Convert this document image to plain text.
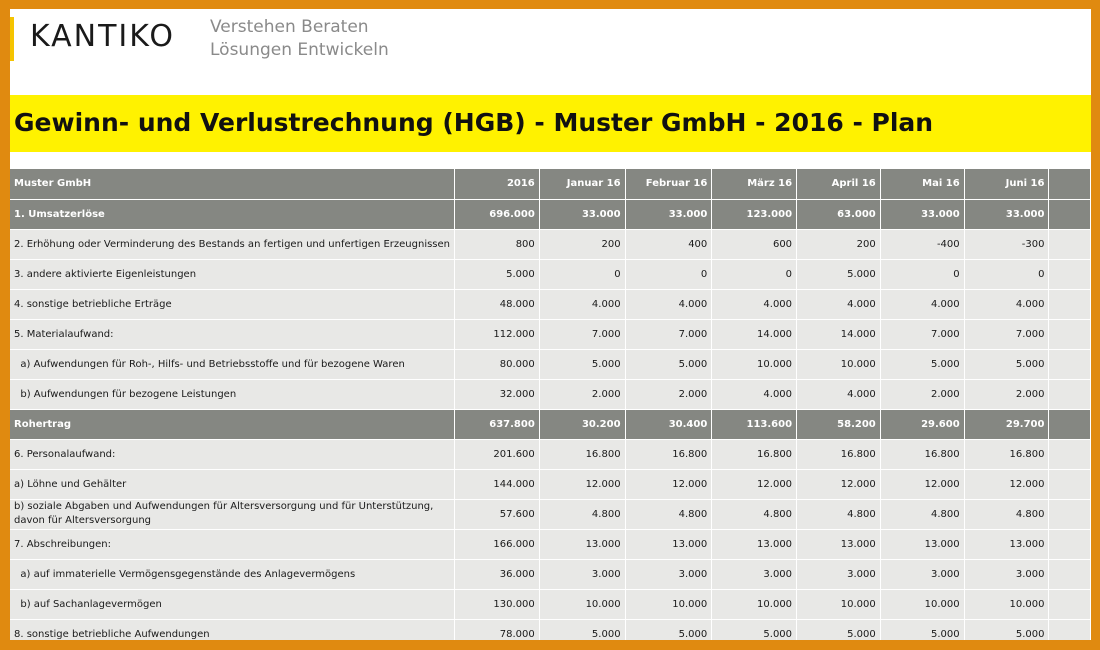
KANTIKO Verstehen Beraten
Lösungen Entwickeln
Gewinn- und Verlustrechnung (HGB) - Muster GmbH - 2016 - Plan
Muster GmbH	2016	Januar 16	Februar 16	März 16	April 16	Mai 16	Juni 16	
1. Umsatzerlöse	696.000	33.000	33.000	123.000	63.000	33.000	33.000	
2. Erhöhung oder Verminderung des Bestands an fertigen und unfertigen Erzeugnissen	800	200	400	600	200	-400	-300	
3. andere aktivierte Eigenleistungen	5.000	0	0	0	5.000	0	0	
4. sonstige betriebliche Erträge	48.000	4.000	4.000	4.000	4.000	4.000	4.000	
5. Materialaufwand:	112.000	7.000	7.000	14.000	14.000	7.000	7.000	
a) Aufwendungen für Roh-, Hilfs- und Betriebsstoffe und für bezogene Waren	80.000	5.000	5.000	10.000	10.000	5.000	5.000	
b) Aufwendungen für bezogene Leistungen	32.000	2.000	2.000	4.000	4.000	2.000	2.000	
Rohertrag	637.800	30.200	30.400	113.600	58.200	29.600	29.700	
6. Personalaufwand:	201.600	16.800	16.800	16.800	16.800	16.800	16.800	
a) Löhne und Gehälter	144.000	12.000	12.000	12.000	12.000	12.000	12.000	
b) soziale Abgaben und Aufwendungen für Altersversorgung und für Unterstützung, davon für Altersversorgung	57.600	4.800	4.800	4.800	4.800	4.800	4.800	
7. Abschreibungen:	166.000	13.000	13.000	13.000	13.000	13.000	13.000	
a) auf immaterielle Vermögensgegenstände des Anlagevermögens	36.000	3.000	3.000	3.000	3.000	3.000	3.000	
b) auf Sachanlagevermögen	130.000	10.000	10.000	10.000	10.000	10.000	10.000	
8. sonstige betriebliche Aufwendungen	78.000	5.000	5.000	5.000	5.000	5.000	5.000	
